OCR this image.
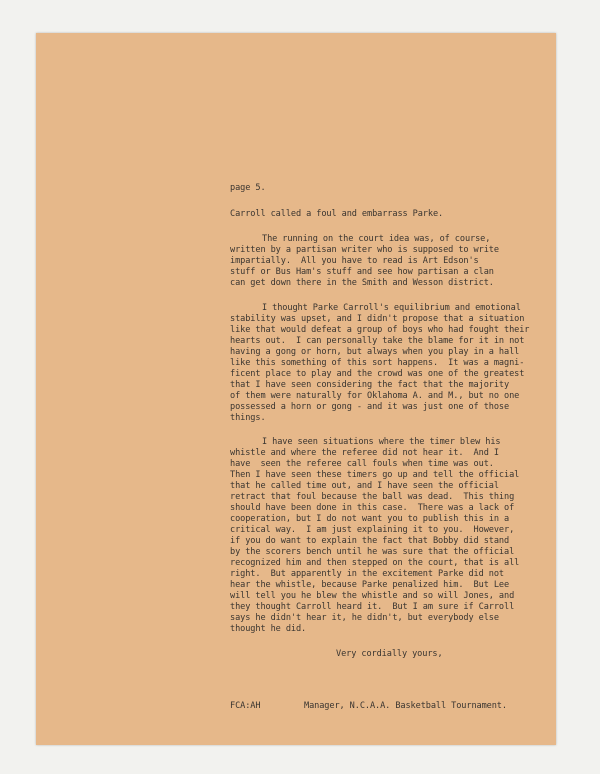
page 5.
Carroll called a foul and embarrass Parke.
The running on the court idea was, of course,
written by a partisan writer who is supposed to write
impartially.  All you have to read is Art Edson's
stuff or Bus Ham's stuff and see how partisan a clan
can get down there in the Smith and Wesson district.
I thought Parke Carroll's equilibrium and emotional
stability was upset, and I didn't propose that a situation
like that would defeat a group of boys who had fought their
hearts out.  I can personally take the blame for it in not
having a gong or horn, but always when you play in a hall
like this something of this sort happens.  It was a magni-
ficent place to play and the crowd was one of the greatest
that I have seen considering the fact that the majority
of them were naturally for Oklahoma A. and M., but no one
possessed a horn or gong - and it was just one of those
things.
I have seen situations where the timer blew his
whistle and where the referee did not hear it.  And I
have  seen the referee call fouls when time was out.
Then I have seen these timers go up and tell the official
that he called time out, and I have seen the official
retract that foul because the ball was dead.  This thing
should have been done in this case.  There was a lack of
cooperation, but I do not want you to publish this in a
critical way.  I am just explaining it to you.  However,
if you do want to explain the fact that Bobby did stand
by the scorers bench until he was sure that the official
recognized him and then stepped on the court, that is all
right.  But apparently in the excitement Parke did not
hear the whistle, because Parke penalized him.  But Lee
will tell you he blew the whistle and so will Jones, and
they thought Carroll heard it.  But I am sure if Carroll
says he didn't hear it, he didn't, but everybody else
thought he did.
Very cordially yours,
FCA:AH	Manager, N.C.A.A. Basketball Tournament.
